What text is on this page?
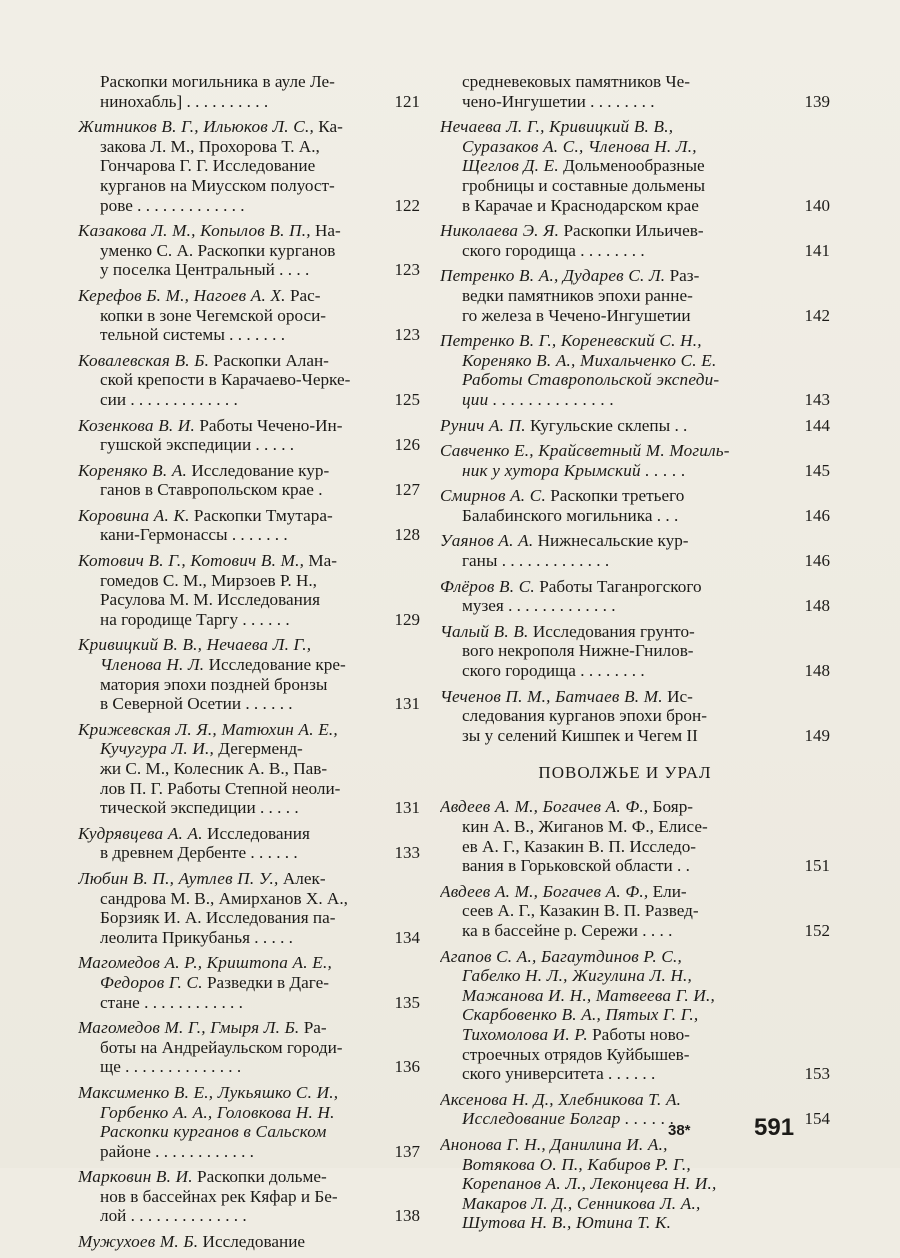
Раскопки могильника в ауле Ле-
нинохабль] . . . . . . . . . .	121
Житников В. Г., Ильюков Л. С., Ка-
закова Л. М., Прохорова Т. А.,
Гончарова Г. Г. Исследование
курганов на Миусском полуост-
рове . . . . . . . . . . . . .	122
Казакова Л. М., Копылов В. П., На-
уменко С. А. Раскопки курганов
у поселка Центральный . . . .	123
Керефов Б. М., Нагоев А. Х. Рас-
копки в зоне Чегемской ороси-
тельной системы . . . . . . .	123
Ковалевская В. Б. Раскопки Алан-
ской крепости в Карачаево-Черке-
сии . . . . . . . . . . . . .	125
Козенкова В. И. Работы Чечено-Ин-
гушской экспедиции . . . . .	126
Кореняко В. А. Исследование кур-
ганов в Ставропольском крае .	127
Коровина А. К. Раскопки Тмутара-
кани-Гермонассы . . . . . . .	128
Котович В. Г., Котович В. М., Ма-
гомедов С. М., Мирзоев Р. Н.,
Расулова М. М. Исследования
на городище Таргу . . . . . .	129
Кривицкий В. В., Нечаева Л. Г.,
Членова Н. Л. Исследование кре-
матория эпохи поздней бронзы
в Северной Осетии . . . . . .	131
Крижевская Л. Я., Матюхин А. Е.,
Кучугура Л. И., Дегерменд-
жи С. М., Колесник А. В., Пав-
лов П. Г. Работы Степной неоли-
тической экспедиции . . . . .	131
Кудрявцева А. А. Исследования
в древнем Дербенте . . . . . .	133
Любин В. П., Аутлев П. У., Алек-
сандрова М. В., Амирханов Х. А.,
Борзияк И. А. Исследования па-
леолита Прикубанья . . . . .	134
Магомедов А. Р., Криштопа А. Е.,
Федоров Г. С. Разведки в Даге-
стане . . . . . . . . . . . .	135
Магомедов М. Г., Гмыря Л. Б. Ра-
боты на Андрейаульском городи-
ще . . . . . . . . . . . . . .	136
Максименко В. Е., Лукьяшко С. И.,
Горбенко А. А., Головкова Н. Н.
Раскопки курганов в Сальском
районе . . . . . . . . . . . .	137
Марковин В. И. Раскопки дольме-
нов в бассейнах рек Кяфар и Бе-
лой . . . . . . . . . . . . . .	138
Мужухоев М. Б. Исследование
средневековых памятников Че-
чено-Ингушетии . . . . . . . .	139
Нечаева Л. Г., Кривицкий В. В.,
Суразаков А. С., Членова Н. Л.,
Щеглов Д. Е. Дольменообразные
гробницы и составные дольмены
в Карачае и Краснодарском крае	140
Николаева Э. Я. Раскопки Ильичев-
ского городища . . . . . . . .	141
Петренко В. А., Дударев С. Л. Раз-
ведки памятников эпохи ранне-
го железа в Чечено-Ингушетии	142
Петренко В. Г., Кореневский С. Н.,
Кореняко В. А., Михальченко С. Е.
Работы Ставропольской экспеди-
ции . . . . . . . . . . . . . .	143
Рунич А. П. Кугульские склепы . .	144
Савченко Е., Крайсветный М. Могиль-
ник у хутора Крымский . . . . .	145
Смирнов А. С. Раскопки третьего
Балабинского могильника . . .	146
Уаянов А. А. Нижнесальские кур-
ганы . . . . . . . . . . . . .	146
Флёров В. С. Работы Таганрогского
музея . . . . . . . . . . . . .	148
Чалый В. В. Исследования грунто-
вого некрополя Нижне-Гнилов-
ского городища . . . . . . . .	148
Чеченов П. М., Батчаев В. М. Ис-
следования курганов эпохи брон-
зы у селений Кишпек и Чегем II	149
ПОВОЛЖЬЕ И УРАЛ
Авдеев А. М., Богачев А. Ф., Бояр-
кин А. В., Жиганов М. Ф., Елисе-
ев А. Г., Казакин В. П. Исследо-
вания в Горьковской области . .	151
Авдеев А. М., Богачев А. Ф., Ели-
сеев А. Г., Казакин В. П. Развед-
ка в бассейне р. Сережи . . . .	152
Агапов С. А., Багаутдинов Р. С.,
Габелко Н. Л., Жигулина Л. Н.,
Мажанова И. Н., Матвеева Г. И.,
Скарбовенко В. А., Пятых Г. Г.,
Тихомолова И. Р. Работы ново-
строечных отрядов Куйбышев-
ского университета . . . . . .	153
Аксенова Н. Д., Хлебникова Т. А.
Исследование Болгар . . . . . .	154
Анонова Г. Н., Данилина И. А.,
Вотякова О. П., Кабиров Р. Г.,
Корепанов А. Л., Леконцева Н. И.,
Макаров Л. Д., Сенникова Л. А.,
Шутова Н. В., Ютина Т. К.
38*	591
